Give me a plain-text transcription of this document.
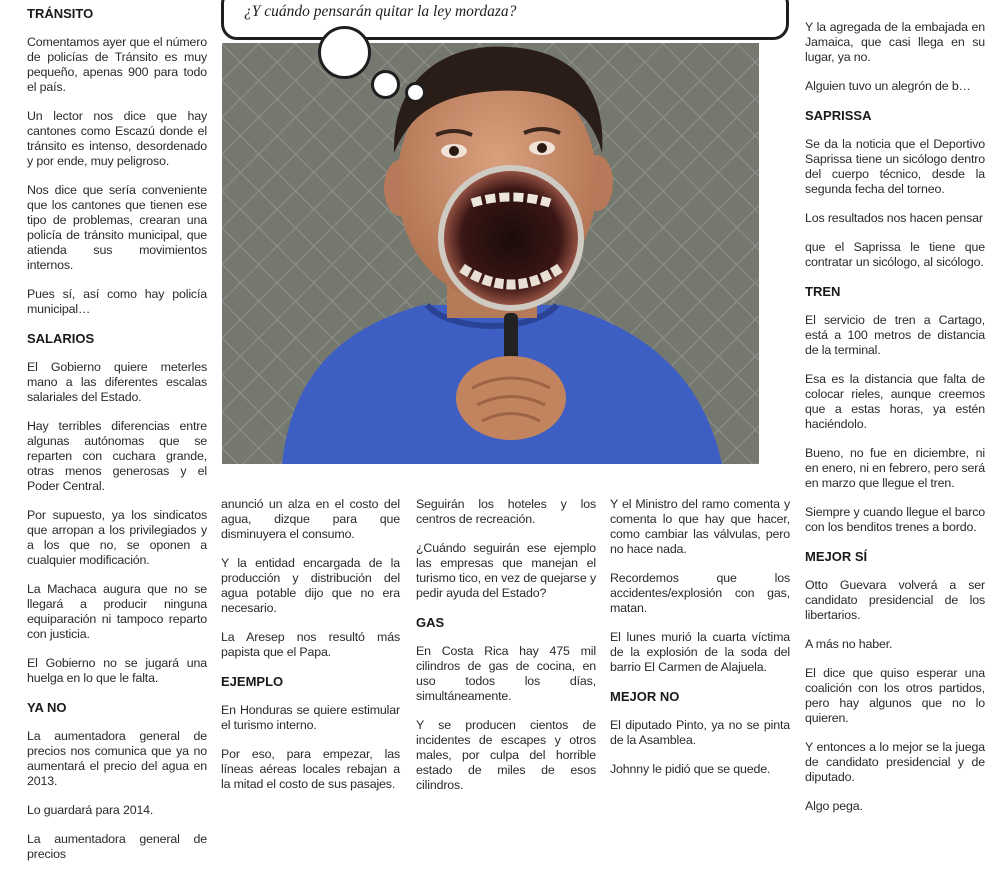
¿Y cuándo pensarán quitar la ley mordaza?
TRÁNSITO

Comentamos ayer que el número de policías de Tránsito es muy pequeño, apenas 900 para todo el país.

Un lector nos dice que hay cantones como Escazú donde el tránsito es intenso, desordenado y por ende, muy peligroso.

Nos dice que sería conveniente que los cantones que tienen ese tipo de problemas, crearan una policía de tránsito municipal, que atienda sus movimientos internos.

Pues sí, así como hay policía municipal…

SALARIOS

El Gobierno quiere meterles mano a las diferentes escalas salariales del Estado.

Hay terribles diferencias entre algunas autónomas que se reparten con cuchara grande, otras menos generosas y el Poder Central.

Por supuesto, ya los sindicatos que arropan a los privilegiados y a los que no, se oponen a cualquier modificación.

La Machaca augura que no se llegará a producir ninguna equiparación ni tampoco reparto con justicia.

El Gobierno no se jugará una huelga en lo que le falta.

YA NO

La aumentadora general de precios nos comunica que ya no aumentará el precio del agua en 2013.

Lo guardará para 2014.

La aumentadora general de precios

anunció un alza en el costo del agua, dizque para que disminuyera el consumo.

Y la entidad encargada de la producción y distribución del agua potable dijo que no era necesario.

La Aresep nos resultó más papista que el Papa.

EJEMPLO

En Honduras se quiere estimular el turismo interno.

Por eso, para empezar, las líneas aéreas locales rebajan a la mitad el costo de sus pasajes.

Seguirán los hoteles y los centros de recreación.

¿Cuándo seguirán ese ejemplo las empresas que manejan el turismo tico, en vez de quejarse y pedir ayuda del Estado?

GAS

En Costa Rica hay 475 mil cilindros de gas de cocina, en uso todos los días, simultáneamente.

Y se producen cientos de incidentes de escapes y otros males, por culpa del horrible estado de miles de esos cilindros.

Y el Ministro del ramo comenta y comenta lo que hay que hacer, como cambiar las válvulas, pero no hace nada.

Recordemos que los accidentes/explosión con gas, matan.

El lunes murió la cuarta víctima de la explosión de la soda del barrio El Carmen de Alajuela.

MEJOR NO

El diputado Pinto, ya no se pinta de la Asamblea.

Johnny le pidió que se quede.

Y la agregada de la embajada en Jamaica, que casi llega en su lugar, ya no.

Alguien tuvo un alegrón de b…

SAPRISSA

Se da la noticia que el Deportivo Saprissa tiene un sicólogo dentro del cuerpo técnico, desde la segunda fecha del torneo.

Los resultados nos hacen pensar

que el Saprissa le tiene que contratar un sicólogo, al sicólogo.

TREN

El servicio de tren a Cartago, está a 100 metros de distancia de la terminal.

Esa es la distancia que falta de colocar rieles, aunque creemos que a estas horas, ya estén haciéndolo.

Bueno, no fue en diciembre, ni en enero, ni en febrero, pero será en marzo que llegue el tren.

Siempre y cuando llegue el barco con los benditos trenes a bordo.

MEJOR SÍ

Otto Guevara volverá a ser candidato presidencial de los libertarios.

A más no haber.

El dice que quiso esperar una coalición con los otros partidos, pero hay algunos que no lo quieren.

Y entonces a lo mejor se la juega de candidato presidencial y de diputado.

Algo pega.
